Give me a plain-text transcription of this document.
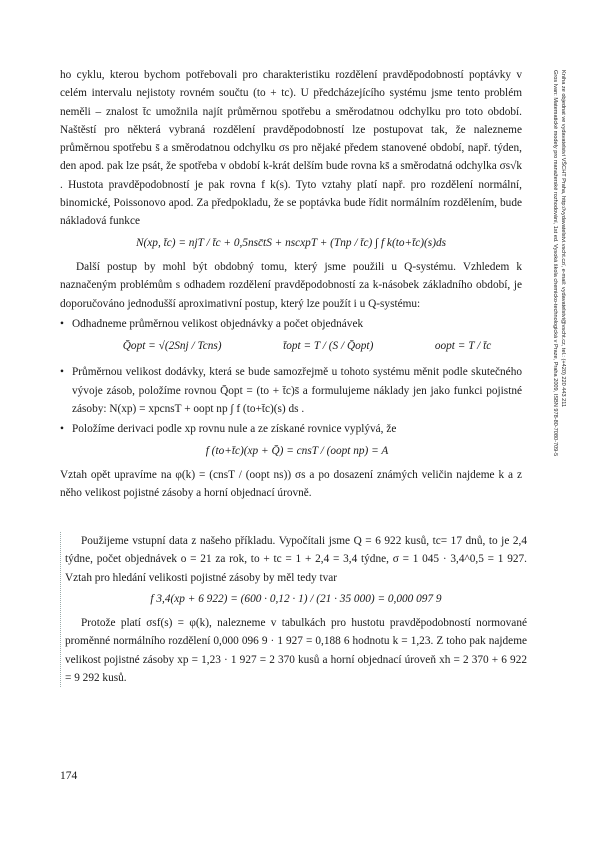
ho cyklu, kterou bychom potřebovali pro charakteristiku rozdělení pravděpodobností poptávky v celém intervalu nejistoty rovném součtu (to + tc). U předcházejícího systému jsme tento problém neměli – znalost t̄c umožnila najít průměrnou spotřebu a směrodatnou odchylku pro toto období. Naštěstí pro některá vybraná rozdělení pravděpodobností lze postupovat tak, že nalezneme průměrnou spotřebu s̄ a směrodatnou odchylku σs pro nějaké předem stanovené období, např. týden, den apod. pak lze psát, že spotřeba v období k-krát delším bude rovna ks̄ a směrodatná odchylka σs√k . Hustota pravděpodobností je pak rovna f k(s). Tyto vztahy platí např. pro rozdělení normální, binomické, Poissonovo apod. Za předpokladu, že se poptávka bude řídit normálním rozdělením, bude nákladová funkce

N(xp, t̄c) = njT / t̄c + 0,5nsc̄tS + nscxpT + (Tnp / t̄c) ∫ f k(to+t̄c)(s)ds

Další postup by mohl být obdobný tomu, který jsme použili u Q-systému. Vzhledem k naznačeným problémům s odhadem rozdělení pravděpodobností za k-násobek základního období, je doporučováno jednodušší aproximativní postup, který lze použít i u Q-systému:

• Odhadneme průměrnou velikost objednávky a počet objednávek
Q̄opt = √(2Snj / Tcns)	t̄opt = T / (S / Q̄opt)	oopt = T / t̄c
• Průměrnou velikost dodávky, která se bude samozřejmě u tohoto systému měnit podle skutečného vývoje zásob, položíme rovnou Q̄opt = (to + t̄c)s̄ a formulujeme náklady jen jako funkci pojistné zásoby: N(xp) = xpcnsT + oopt np ∫ f (to+t̄c)(s) ds .
• Položíme derivaci podle xp rovnu nule a ze získané rovnice vyplývá, že
f (to+t̄c)(xp + Q̄) = cnsT / (oopt np) = A

Vztah opět upravíme na φ(k) = (cnsT / (oopt ns)) σs a po dosazení známých veličin najdeme k a z něho velikost pojistné zásoby a horní objednací úrovně.

Použijeme vstupní data z našeho příkladu. Vypočítali jsme Q = 6 922 kusů, tc= 17 dnů, to je 2,4 týdne, počet objednávek o = 21 za rok, to + tc = 1 + 2,4 = 3,4 týdne, σ = 1 045 · 3,4^0,5 = 1 927. Vztah pro hledání velikosti pojistné zásoby by měl tedy tvar

f 3,4(xp + 6 922) = (600 · 0,12 · 1) / (21 · 35 000) = 0,000 097 9

Protože platí σsf(s) = φ(k), nalezneme v tabulkách pro hustotu pravděpodobností normované proměnné normálního rozdělení 0,000 096 9 · 1 927 = 0,188 6 hodnotu k = 1,23. Z toho pak najdeme velikost pojistné zásoby xp = 1,23 · 1 927 = 2 370 kusů a horní objednací úroveň xh = 2 370 + 6 922 = 9 292 kusů.

174
Gros Ivan: Matematické modely pro manažerské rozhodování, 1st ed. Vysoká škola chemicko-technologická v Praze, Praha 2009, ISBN 978-80-7080-709-5 Kniha ze objednat ve vydavatelství VŠCHT Praha, http://vydavatelstvi.vscht.cz/, e-mail: vydavatelstvi@vscht.cz, tel.: (+420) 220 443 211
